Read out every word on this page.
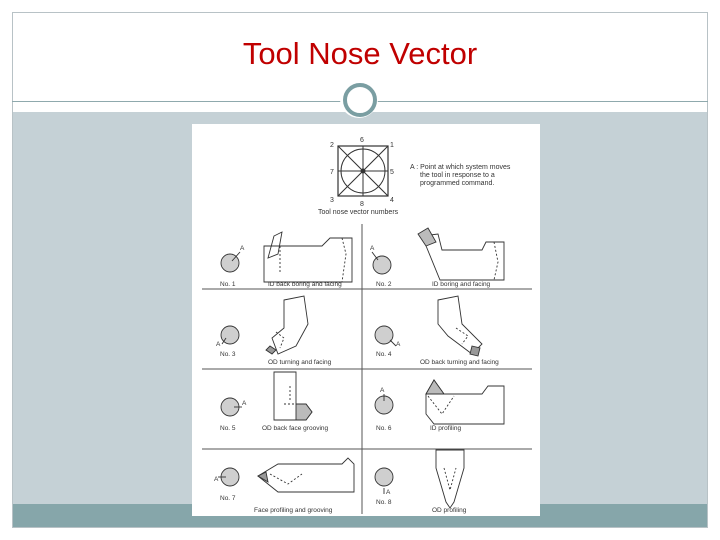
Tool Nose Vector
6
1
2
5
7
3	4
8
A : Point at which system moves
the tool in response to a
programmed command.
Tool nose vector numbers
A
No. 1	ID back boring and facing
A
No. 2	ID boring and facing
A
No. 3
OD turning and facing
A
No. 4
OD back turning and facing
A
No. 5	OD back face grooving
A
No. 6	ID profiling
A
No. 7
Face profiling and grooving
A
No. 8
OD profiling
